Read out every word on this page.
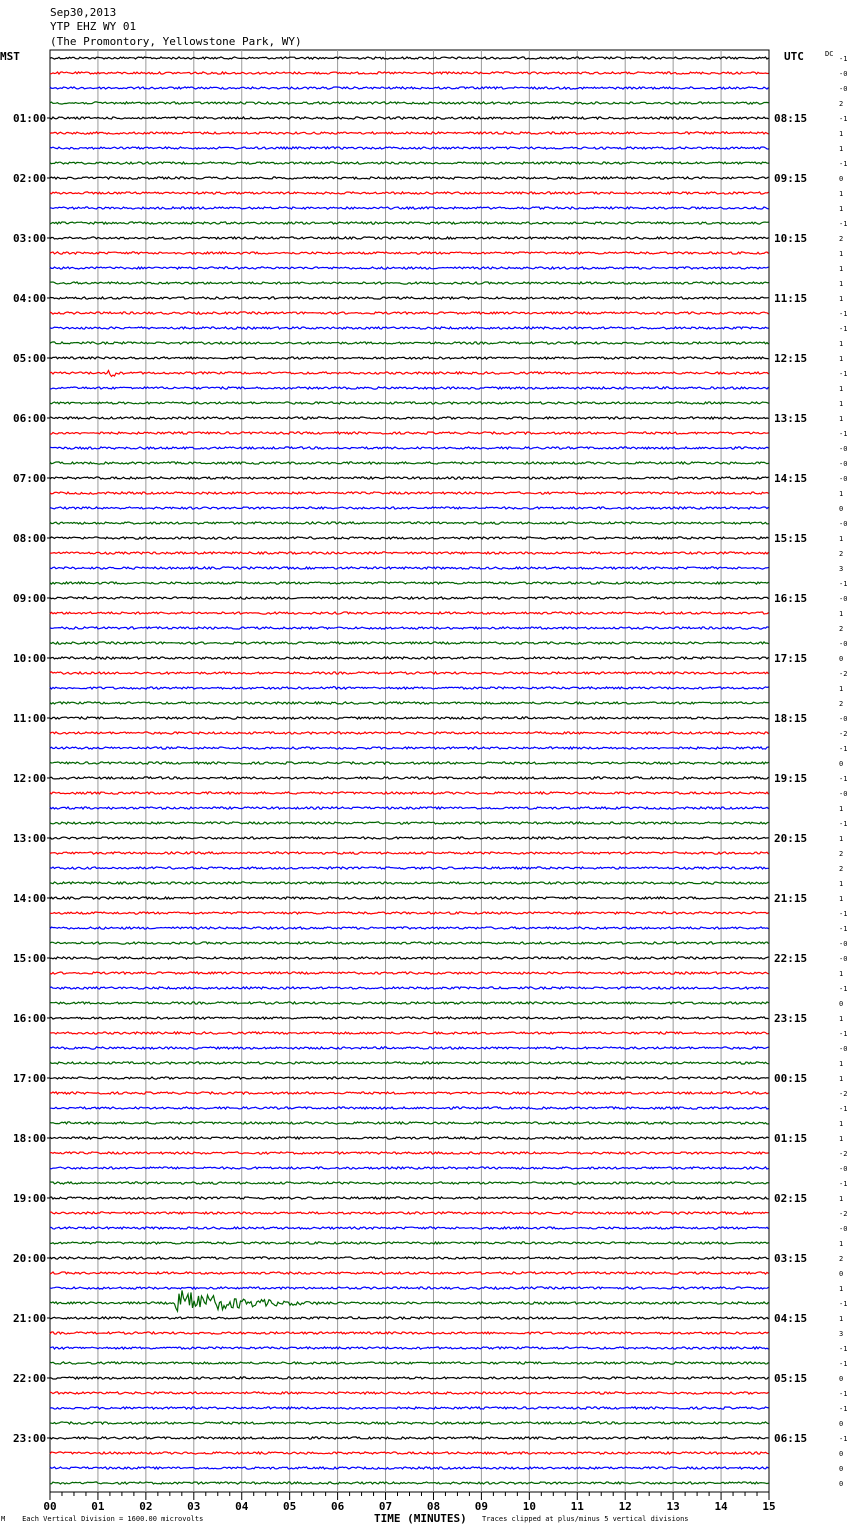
Sep30,2013
YTP EHZ WY 01
(The Promontory, Yellowstone Park, WY)
MST	UTC	DC
-1
-0
-0
2
-1
1
1
-1
0
1
1
-1
2
1
1
1
1
-1
-1
1
1
-1
1
1
1
-1
-0
-0
-0
1
0
-0
1
2
3
-1
-0
1
2
-0
0
-2
1
2
-0
-2
-1
0
-1
-0
1
-1
1
2
2
1
1
-1
-1
-0
-0
1
-1
0
1
-1
-0
1
1
-2
-1
1
1
-2
-0
-1
1
-2
-0
1
2
0
1
-1
1
3
-1
-1
0
-1
-1
0
-1
0
0
0
01:00
02:00
03:00
04:00
05:00
06:00
07:00
08:00
09:00
10:00
11:00
12:00
13:00
14:00
15:00
16:00
17:00
18:00
19:00
20:00
21:00
22:00
23:00
08:15
09:15
10:15
11:15
12:15
13:15
14:15
15:15
16:15
17:15
18:15
19:15
20:15
21:15
22:15
23:15
00:15
01:15
02:15
03:15
04:15
05:15
06:15
00	01	02	03	04	05	06	07	08	09	10	11	12	13	14	15
M Each Vertical Division = 1600.00 microvolts	TIME (MINUTES) Traces clipped at plus/minus 5 vertical divisions
